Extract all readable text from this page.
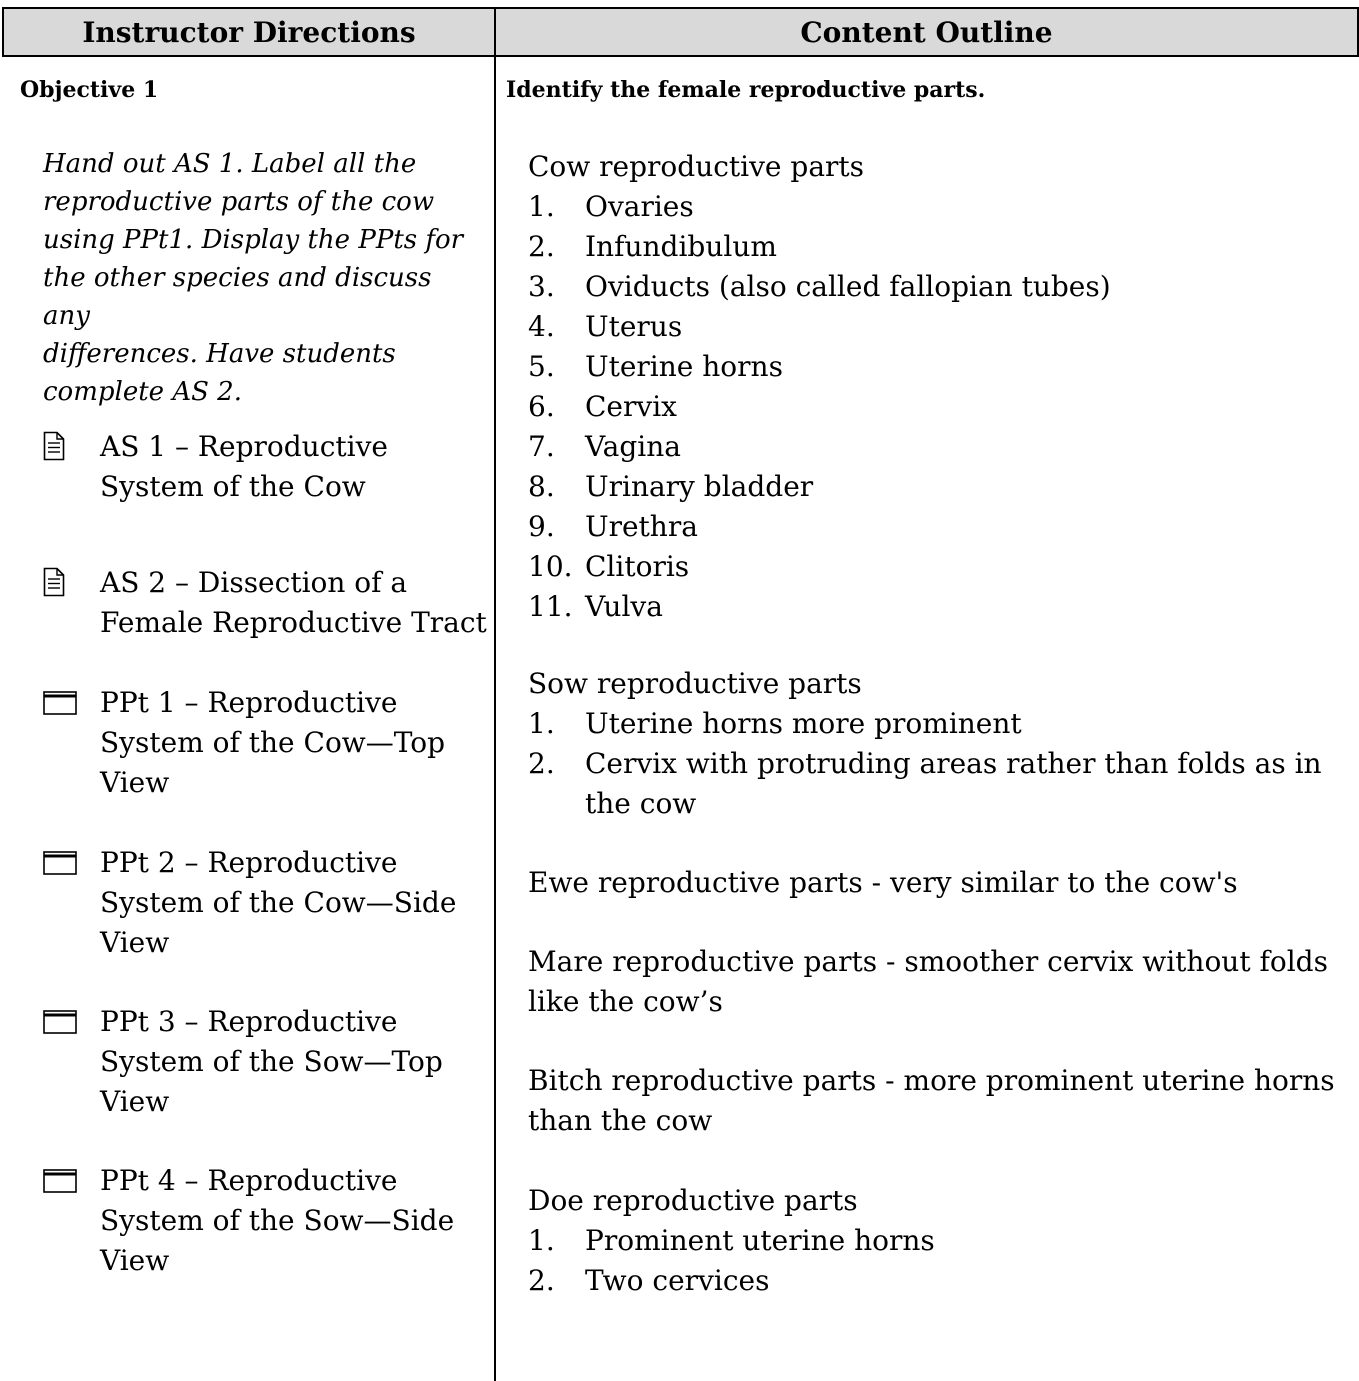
Instructor Directions	Content Outline
Objective 1
Hand out AS 1. Label all the
reproductive parts of the cow
using PPt1. Display the PPts for
the other species and discuss any
differences. Have students
complete AS 2.
AS 1 – Reproductive
System of the Cow
AS 2 – Dissection of a
Female Reproductive Tract
PPt 1 – Reproductive
System of the Cow—Top
View
PPt 2 – Reproductive
System of the Cow—Side
View
PPt 3 – Reproductive
System of the Sow—Top
View
PPt 4 – Reproductive
System of the Sow—Side
View
Identify the female reproductive parts.
Cow reproductive parts
1. Ovaries
2. Infundibulum
3. Oviducts (also called fallopian tubes)
4. Uterus
5. Uterine horns
6. Cervix
7. Vagina
8. Urinary bladder
9. Urethra
10. Clitoris
11. Vulva
Sow reproductive parts
1. Uterine horns more prominent
2. Cervix with protruding areas rather than folds as in
the cow
Ewe reproductive parts - very similar to the cow's
Mare reproductive parts - smoother cervix without folds
like the cow’s
Bitch reproductive parts - more prominent uterine horns
than the cow
Doe reproductive parts
1. Prominent uterine horns
2. Two cervices
